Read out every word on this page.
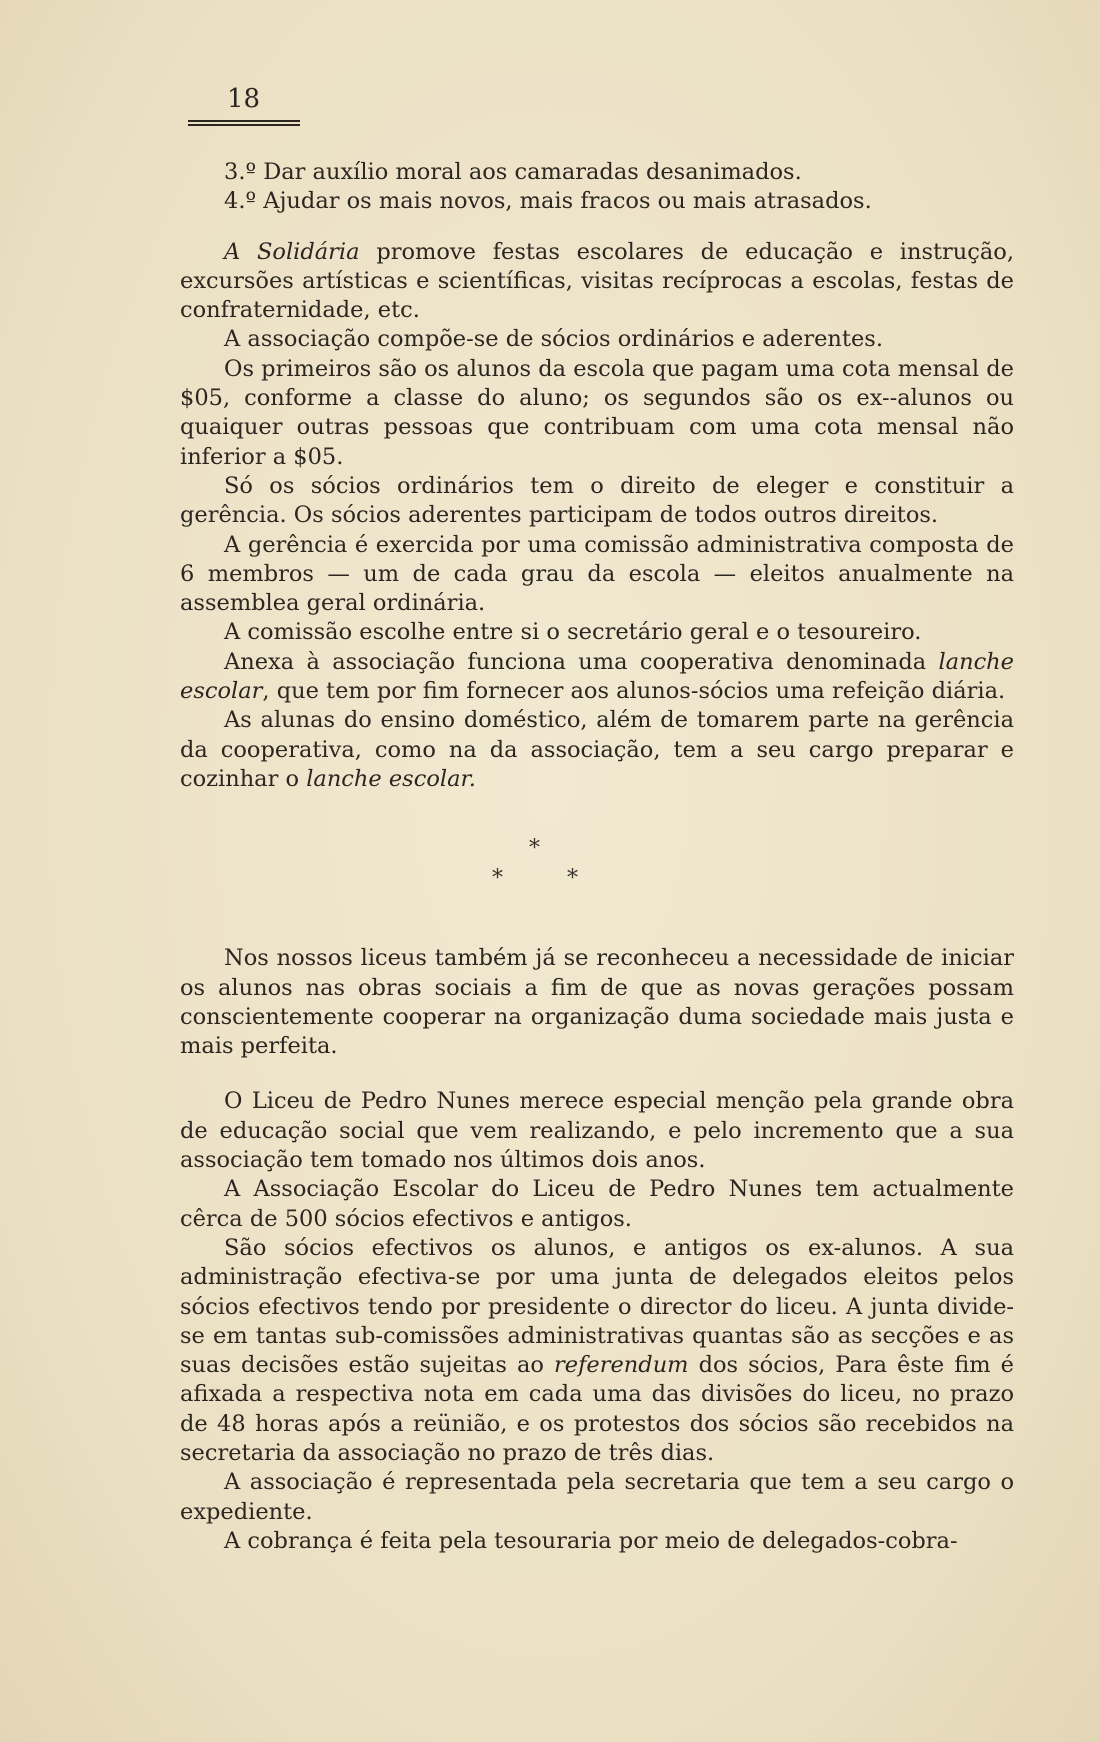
18

3.º Dar auxílio moral aos camaradas desanimados.

4.º Ajudar os mais novos, mais fracos ou mais atrasados.

A Solidária promove festas escolares de educação e instrução, excursões artísticas e scientíficas, visitas recíprocas a escolas, festas de confraternidade, etc.

A associação compõe-se de sócios ordinários e aderentes.

Os primeiros são os alunos da escola que pagam uma cota mensal de $05, conforme a classe do aluno; os segundos são os ex--alunos ou quaiquer outras pessoas que contribuam com uma cota mensal não inferior a $05.

Só os sócios ordinários tem o direito de eleger e constituir a gerência. Os sócios aderentes participam de todos outros direitos.

A gerência é exercida por uma comissão administrativa composta de 6 membros — um de cada grau da escola — eleitos anualmente na assemblea geral ordinária.

A comissão escolhe entre si o secretário geral e o tesoureiro.

Anexa à associação funciona uma cooperativa denominada lanche escolar, que tem por fim fornecer aos alunos-sócios uma refeição diária.

As alunas do ensino doméstico, além de tomarem parte na gerência da cooperativa, como na da associação, tem a seu cargo preparar e cozinhar o lanche escolar.

*
*	*

Nos nossos liceus também já se reconheceu a necessidade de iniciar os alunos nas obras sociais a fim de que as novas gerações possam conscientemente cooperar na organização duma sociedade mais justa e mais perfeita.

O Liceu de Pedro Nunes merece especial menção pela grande obra de educação social que vem realizando, e pelo incremento que a sua associação tem tomado nos últimos dois anos.

A Associação Escolar do Liceu de Pedro Nunes tem actualmente cêrca de 500 sócios efectivos e antigos.

São sócios efectivos os alunos, e antigos os ex-alunos. A sua administração efectiva-se por uma junta de delegados eleitos pelos sócios efectivos tendo por presidente o director do liceu. A junta divide-se em tantas sub-comissões administrativas quantas são as secções e as suas decisões estão sujeitas ao referendum dos sócios, Para êste fim é afixada a respectiva nota em cada uma das divisões do liceu, no prazo de 48 horas após a reünião, e os protestos dos sócios são recebidos na secretaria da associação no prazo de três dias.

A associação é representada pela secretaria que tem a seu cargo o expediente.

A cobrança é feita pela tesouraria por meio de delegados-cobra-
